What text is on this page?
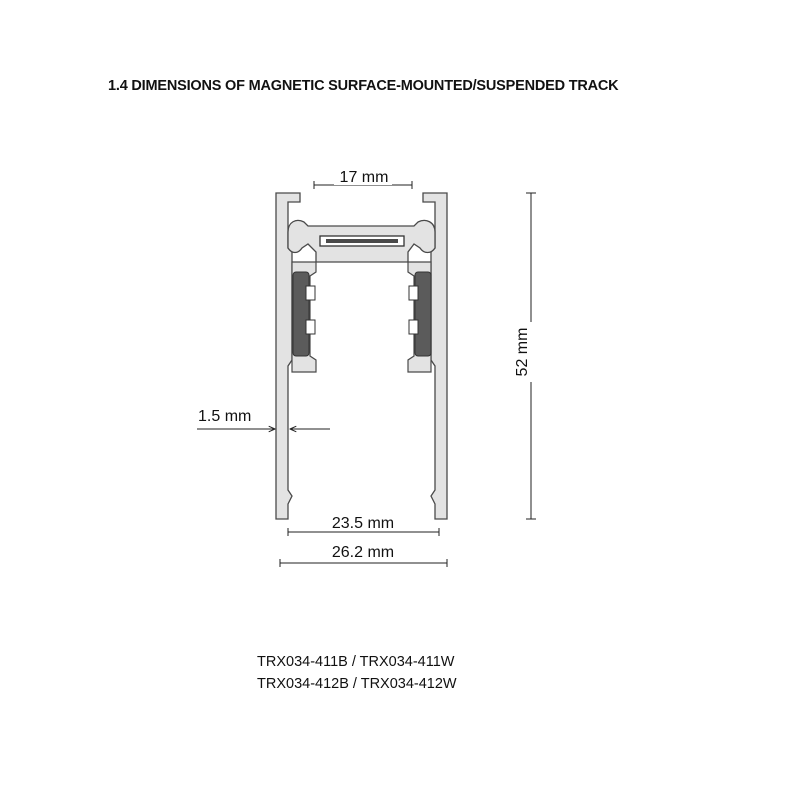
1.4 DIMENSIONS OF MAGNETIC SURFACE-MOUNTED/SUSPENDED TRACK
17 mm
52 mm
1.5 mm
23.5 mm
26.2 mm
TRX034-411B / TRX034-411W
TRX034-412B / TRX034-412W
